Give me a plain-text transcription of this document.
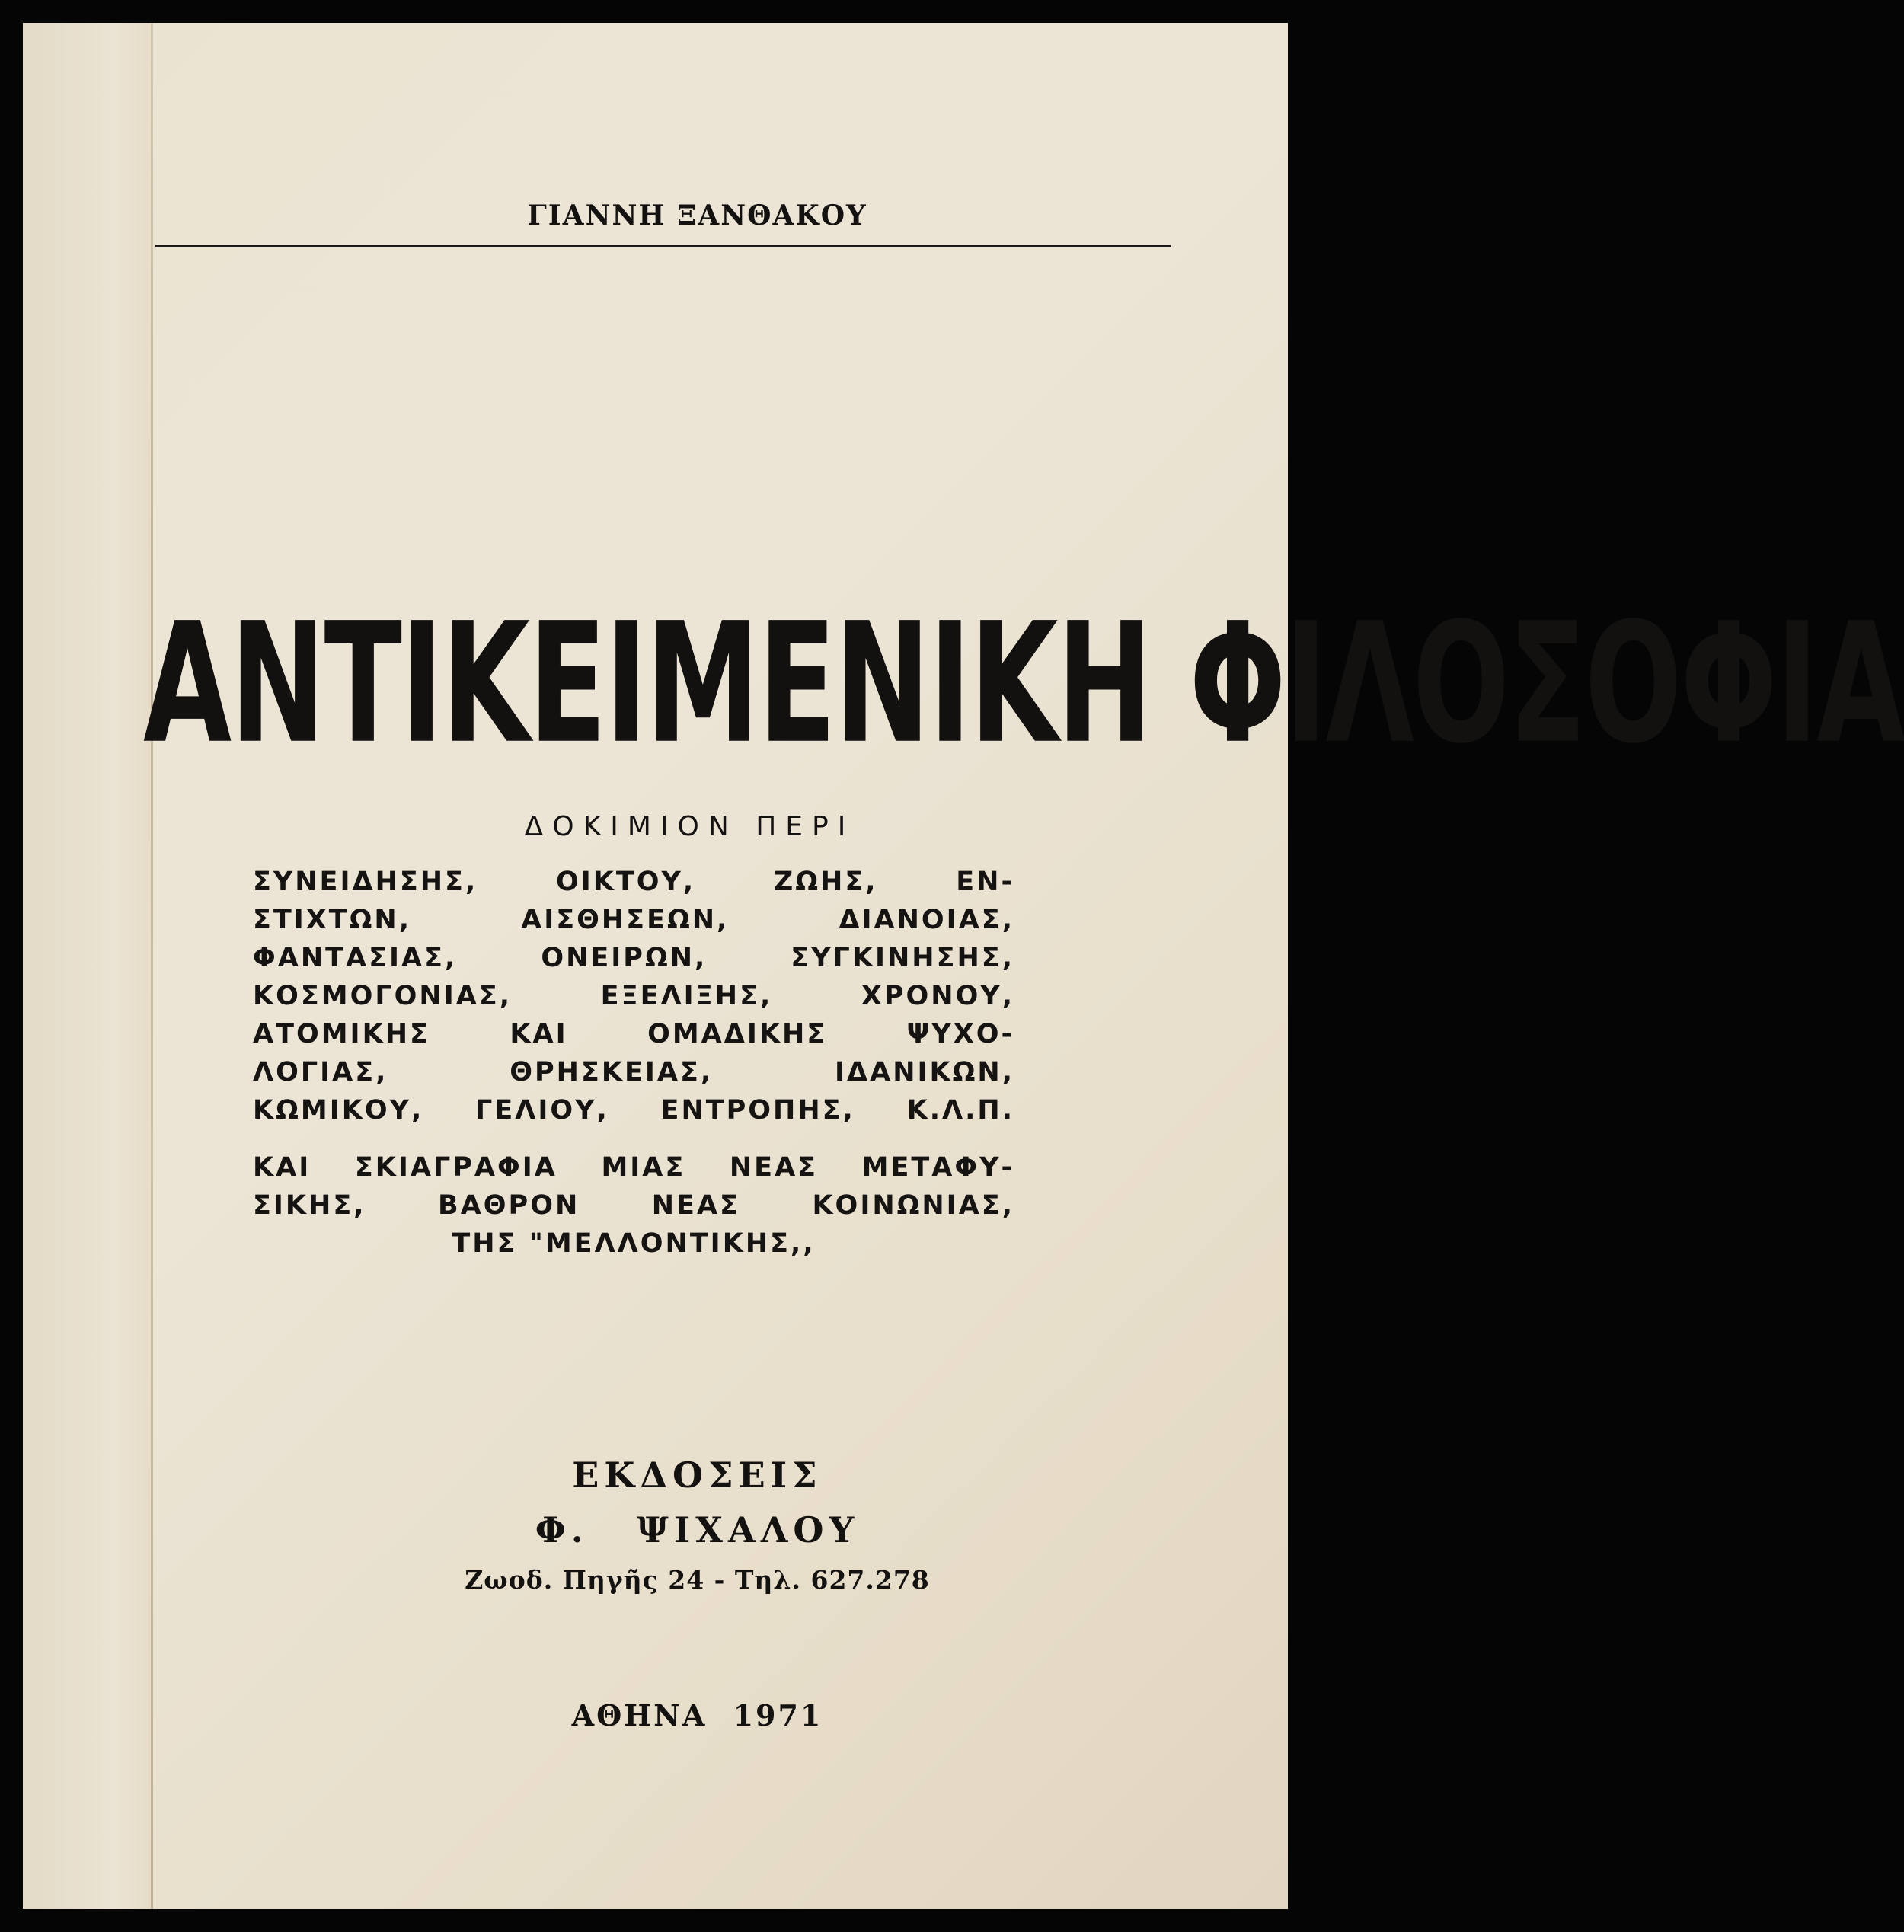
ΓΙΑΝΝΗ ΞΑΝΘΑΚΟΥ
ΑΝΤΙΚΕΙΜΕΝΙΚΗ ΦΙΛΟΣΟΦΙΑ
ΔΟΚΙΜΙΟΝ ΠΕΡΙ
ΣΥΝΕΙΔΗΣΗΣ, ΟΙΚΤΟΥ, ΖΩΗΣ, ΕΝ-
ΣΤΙΧΤΩΝ, ΑΙΣΘΗΣΕΩΝ, ΔΙΑΝΟΙΑΣ,
ΦΑΝΤΑΣΙΑΣ, ΟΝΕΙΡΩΝ, ΣΥΓΚΙΝΗΣΗΣ,
ΚΟΣΜΟΓΟΝΙΑΣ, ΕΞΕΛΙΞΗΣ, ΧΡΟΝΟΥ,
ΑΤΟΜΙΚΗΣ ΚΑΙ ΟΜΑΔΙΚΗΣ ΨΥΧΟ-
ΛΟΓΙΑΣ, ΘΡΗΣΚΕΙΑΣ, ΙΔΑΝΙΚΩΝ,
ΚΩΜΙΚΟΥ, ΓΕΛΙΟΥ, ΕΝΤΡΟΠΗΣ, Κ.Λ.Π.
ΚΑΙ ΣΚΙΑΓΡΑΦΙΑ ΜΙΑΣ ΝΕΑΣ ΜΕΤΑΦΥ-
ΣΙΚΗΣ, ΒΑΘΡΟΝ ΝΕΑΣ ΚΟΙΝΩΝΙΑΣ,
ΤΗΣ "ΜΕΛΛΟΝΤΙΚΗΣ,,
ΕΚΔΟΣΕΙΣ
Φ. ΨΙΧΑΛΟΥ
Ζωοδ. Πηγῆς 24 - Τηλ. 627.278
ΑΘΗΝΑ 1971
